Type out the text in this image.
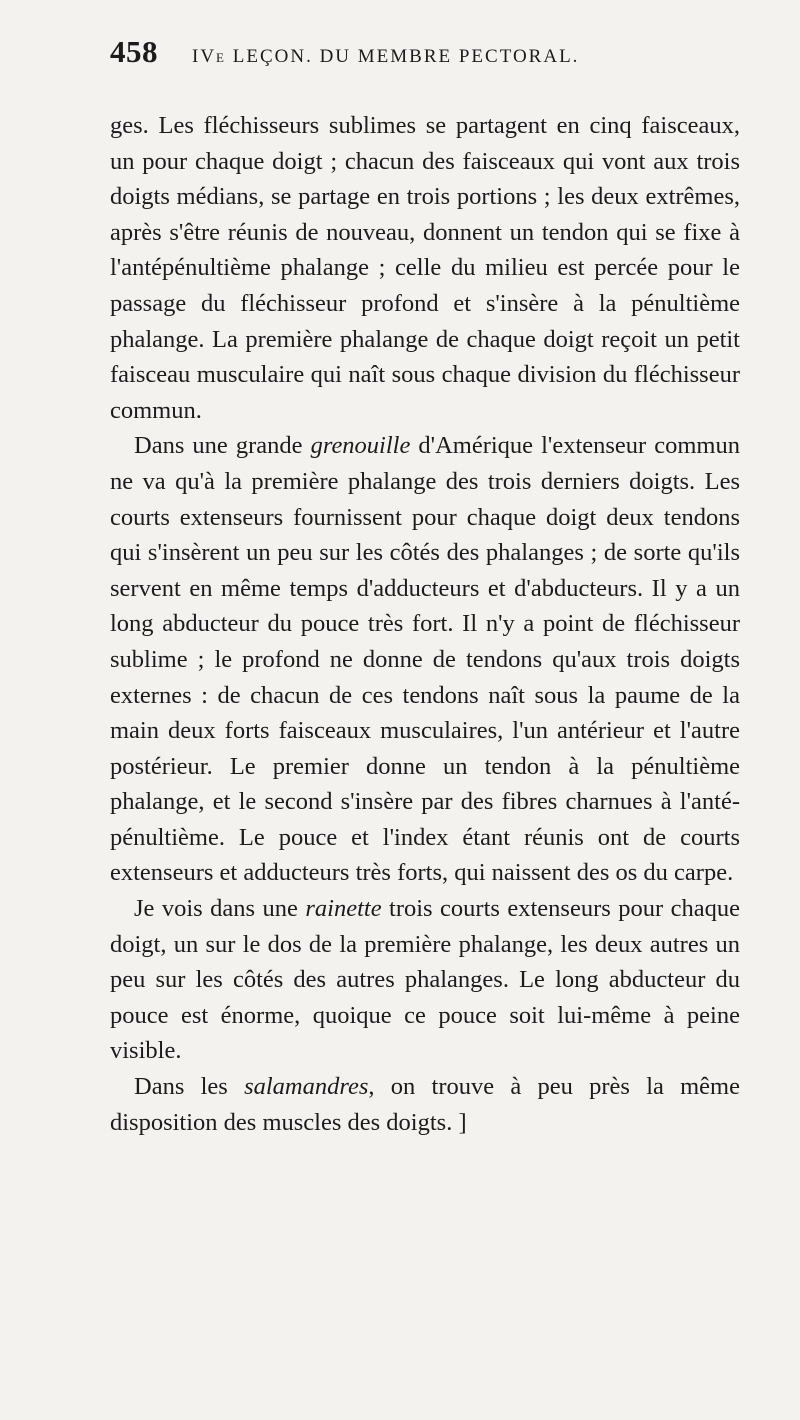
458 IVe LEÇON. DU MEMBRE PECTORAL.

ges. Les fléchisseurs sublimes se partagent en cinq faisceaux, un pour chaque doigt ; chacun des faisceaux qui vont aux trois doigts médians, se partage en trois portions ; les deux extrêmes, après s'être réunis de nouveau, donnent un tendon qui se fixe à l'antépénultième phalange ; celle du milieu est percée pour le passage du fléchisseur profond et s'insère à la pénultième phalange. La première phalange de chaque doigt reçoit un petit faisceau musculaire qui naît sous chaque division du fléchisseur commun.

Dans une grande grenouille d'Amérique l'extenseur commun ne va qu'à la première phalange des trois derniers doigts. Les courts extenseurs fournissent pour chaque doigt deux tendons qui s'insèrent un peu sur les côtés des phalanges ; de sorte qu'ils servent en même temps d'adducteurs et d'abducteurs. Il y a un long abducteur du pouce très fort. Il n'y a point de fléchisseur sublime ; le profond ne donne de tendons qu'aux trois doigts externes : de chacun de ces tendons naît sous la paume de la main deux forts faisceaux musculaires, l'un antérieur et l'autre postérieur. Le premier donne un tendon à la pénultième phalange, et le second s'insère par des fibres charnues à l'anté-pénultième. Le pouce et l'index étant réunis ont de courts extenseurs et adducteurs très forts, qui naissent des os du carpe.

Je vois dans une rainette trois courts extenseurs pour chaque doigt, un sur le dos de la première phalange, les deux autres un peu sur les côtés des autres phalanges. Le long abducteur du pouce est énorme, quoique ce pouce soit lui-même à peine visible.

Dans les salamandres, on trouve à peu près la même disposition des muscles des doigts. ]
